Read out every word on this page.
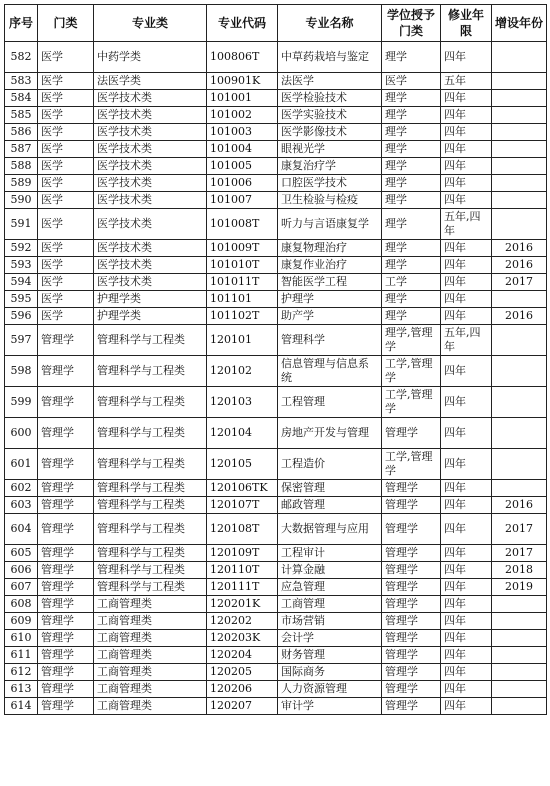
序号	门类	专业类	专业代码	专业名称	学位授予门类	修业年限	增设年份
582	医学	中药学类	100806T	中草药栽培与鉴定	理学	四年	
583	医学	法医学类	100901K	法医学	医学	五年	
584	医学	医学技术类	101001	医学检验技术	理学	四年	
585	医学	医学技术类	101002	医学实验技术	理学	四年	
586	医学	医学技术类	101003	医学影像技术	理学	四年	
587	医学	医学技术类	101004	眼视光学	理学	四年	
588	医学	医学技术类	101005	康复治疗学	理学	四年	
589	医学	医学技术类	101006	口腔医学技术	理学	四年	
590	医学	医学技术类	101007	卫生检验与检疫	理学	四年	
591	医学	医学技术类	101008T	听力与言语康复学	理学	五年,四年	
592	医学	医学技术类	101009T	康复物理治疗	理学	四年	2016
593	医学	医学技术类	101010T	康复作业治疗	理学	四年	2016
594	医学	医学技术类	101011T	智能医学工程	工学	四年	2017
595	医学	护理学类	101101	护理学	理学	四年	
596	医学	护理学类	101102T	助产学	理学	四年	2016
597	管理学	管理科学与工程类	120101	管理科学	理学,管理学	五年,四年	
598	管理学	管理科学与工程类	120102	信息管理与信息系统	工学,管理学	四年	
599	管理学	管理科学与工程类	120103	工程管理	工学,管理学	四年	
600	管理学	管理科学与工程类	120104	房地产开发与管理	管理学	四年	
601	管理学	管理科学与工程类	120105	工程造价	工学,管理学	四年	
602	管理学	管理科学与工程类	120106TK	保密管理	管理学	四年	
603	管理学	管理科学与工程类	120107T	邮政管理	管理学	四年	2016
604	管理学	管理科学与工程类	120108T	大数据管理与应用	管理学	四年	2017
605	管理学	管理科学与工程类	120109T	工程审计	管理学	四年	2017
606	管理学	管理科学与工程类	120110T	计算金融	管理学	四年	2018
607	管理学	管理科学与工程类	120111T	应急管理	管理学	四年	2019
608	管理学	工商管理类	120201K	工商管理	管理学	四年	
609	管理学	工商管理类	120202	市场营销	管理学	四年	
610	管理学	工商管理类	120203K	会计学	管理学	四年	
611	管理学	工商管理类	120204	财务管理	管理学	四年	
612	管理学	工商管理类	120205	国际商务	管理学	四年	
613	管理学	工商管理类	120206	人力资源管理	管理学	四年	
614	管理学	工商管理类	120207	审计学	管理学	四年	
